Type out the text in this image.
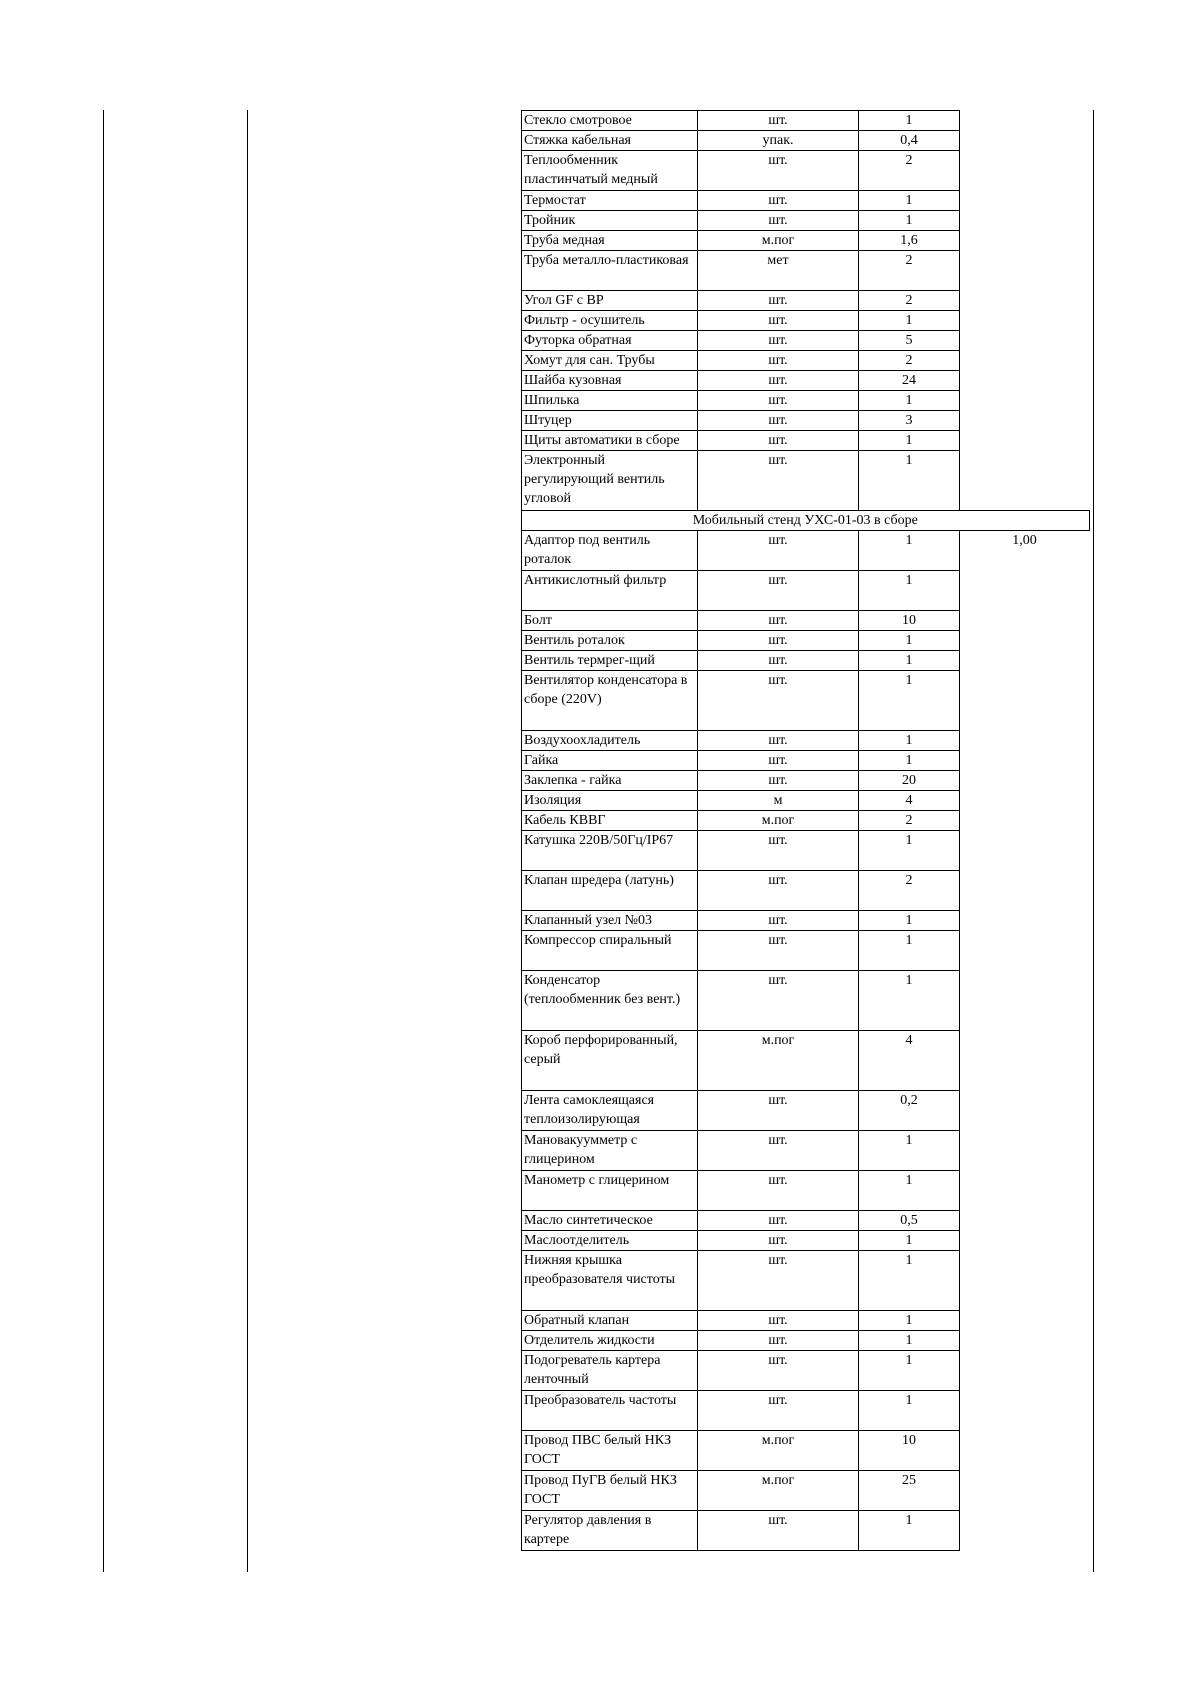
Стекло смотровое	шт.	1	
Стяжка кабельная	упак.	0,4	
Теплообменник пластинчатый медный	шт.	2	
Термостат	шт.	1	
Тройник	шт.	1	
Труба медная	м.пог	1,6	
Труба металло-пластиковая	мет	2	
Угол GF с ВР	шт.	2	
Фильтр - осушитель	шт.	1	
Футорка обратная	шт.	5	
Хомут для сан. Трубы	шт.	2	
Шайба кузовная	шт.	24	
Шпилька	шт.	1	
Штуцер	шт.	3	
Щиты автоматики в сборе	шт.	1	
Электронный регулирующий вентиль угловой	шт.	1	
Мобильный стенд УХС-01-03 в сборе			
Адаптор под вентиль роталок	шт.	1	1,00
Антикислотный фильтр	шт.	1	
Болт	шт.	10	
Вентиль роталок	шт.	1	
Вентиль термрег-щий	шт.	1	
Вентилятор конденсатора в сборе (220V)	шт.	1	
Воздухоохладитель	шт.	1	
Гайка	шт.	1	
Заклепка - гайка	шт.	20	
Изоляция	м	4	
Кабель КВВГ	м.пог	2	
Катушка 220В/50Гц/IP67	шт.	1	
Клапан шредера (латунь)	шт.	2	
Клапанный узел №03	шт.	1	
Компрессор спиральный	шт.	1	
Конденсатор (теплообменник без вент.)	шт.	1	
Короб перфорированный, серый	м.пог	4	
Лента самоклеящаяся теплоизолирующая	шт.	0,2	
Мановакуумметр с глицерином	шт.	1	
Манометр с глицерином	шт.	1	
Масло синтетическое	шт.	0,5	
Маслоотделитель	шт.	1	
Нижняя крышка преобразователя чистоты	шт.	1	
Обратный клапан	шт.	1	
Отделитель жидкости	шт.	1	
Подогреватель картера ленточный	шт.	1	
Преобразователь частоты	шт.	1	
Провод ПВС белый НКЗ ГОСТ	м.пог	10	
Провод ПуГВ белый НКЗ ГОСТ	м.пог	25	
Регулятор давления в картере	шт.	1	
